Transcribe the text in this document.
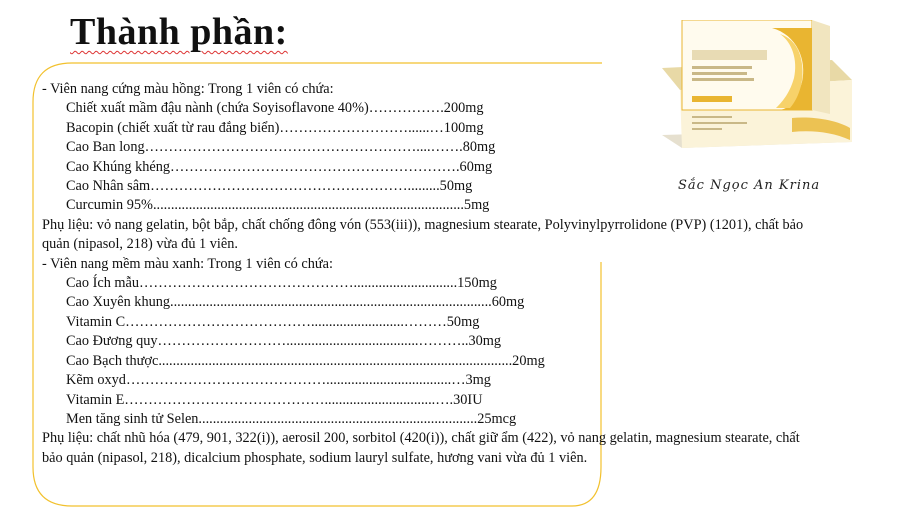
Thành phần:
Sắc Ngọc An Krina
- Viên nang cứng màu hồng: Trong 1 viên có chứa:
Chiết xuất mầm đậu nành (chứa Soyisoflavone 40%)…………….200mg
Bacopin (chiết xuất từ rau đắng biển)………………………......…100mg
Cao Ban long…………………………………………………....…….80mg
Cao Khúng khéng…………………………………………………….60mg
Cao Nhân sâm……………………………………………….........50mg
Curcumin 95%.......................................................................................5mg
Phụ liệu: vỏ nang gelatin, bột bắp, chất chống đông vón (553(iii)), magnesium stearate, Polyvinylpyrrolidone (PVP) (1201), chất bảo quản (nipasol, 218) vừa đủ 1 viên.
- Viên nang mềm màu xanh: Trong 1 viên có chứa:
Cao Ích mẫu……………………………………….............................150mg
Cao Xuyên khung..........................................................................................60mg
Vitamin C…………………………………..........................………50mg
Cao Đương quy……………………….....................................………..30mg
Cao Bạch thược...................................................................................................20mg
Kẽm oxyd……………………………………...................................…3mg
Vitamin E……………………………………...............................….30IU
Men tăng sinh tử Selen..............................................................................25mcg
Phụ liệu: chất nhũ hóa (479, 901, 322(i)), aerosil 200, sorbitol (420(i)), chất giữ ẩm (422), vỏ nang gelatin, magnesium stearate, chất bảo quản (nipasol, 218), dicalcium phosphate, sodium lauryl sulfate, hương vani vừa đủ 1 viên.
